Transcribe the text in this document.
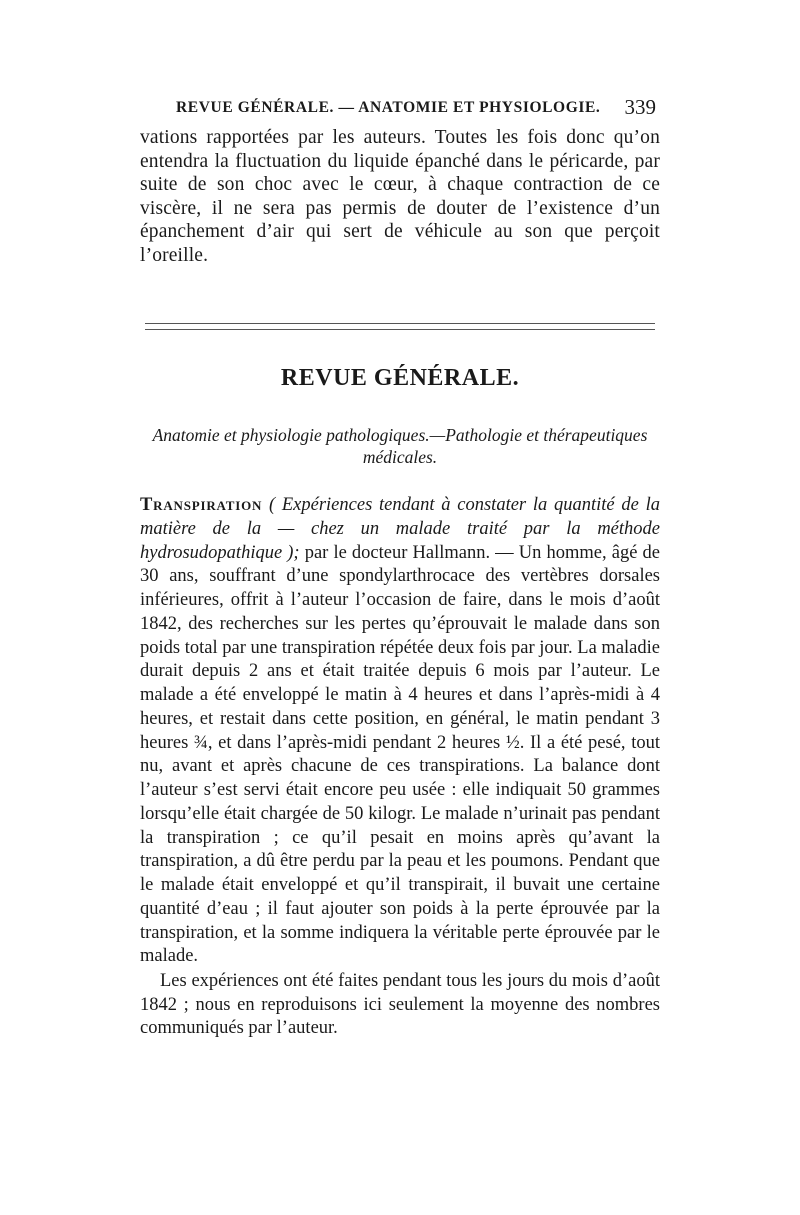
REVUE GÉNÉRALE. — ANATOMIE ET PHYSIOLOGIE. 339

vations rapportées par les auteurs. Toutes les fois donc qu’on entendra la fluctuation du liquide épanché dans le péricarde, par suite de son choc avec le cœur, à chaque contraction de ce viscère, il ne sera pas permis de douter de l’existence d’un épanchement d’air qui sert de véhicule au son que perçoit l’oreille.

REVUE GÉNÉRALE.
Anatomie et physiologie pathologiques.—Pathologie et thérapeutiques médicales.

Transpiration ( Expériences tendant à constater la quantité de la matière de la — chez un malade traité par la méthode hydrosudopathique ); par le docteur Hallmann. — Un homme, âgé de 30 ans, souffrant d’une spondylarthrocace des vertèbres dorsales inférieures, offrit à l’auteur l’occasion de faire, dans le mois d’août 1842, des recherches sur les pertes qu’éprouvait le malade dans son poids total par une transpiration répétée deux fois par jour. La maladie durait depuis 2 ans et était traitée depuis 6 mois par l’auteur. Le malade a été enveloppé le matin à 4 heures et dans l’après-midi à 4 heures, et restait dans cette position, en général, le matin pendant 3 heures ¾, et dans l’après-midi pendant 2 heures ½. Il a été pesé, tout nu, avant et après chacune de ces transpirations. La balance dont l’auteur s’est servi était encore peu usée : elle indiquait 50 grammes lorsqu’elle était chargée de 50 kilogr. Le malade n’urinait pas pendant la transpiration ; ce qu’il pesait en moins après qu’avant la transpiration, a dû être perdu par la peau et les poumons. Pendant que le malade était enveloppé et qu’il transpirait, il buvait une certaine quantité d’eau ; il faut ajouter son poids à la perte éprouvée par la transpiration, et la somme indiquera la véritable perte éprouvée par le malade.

Les expériences ont été faites pendant tous les jours du mois d’août 1842 ; nous en reproduisons ici seulement la moyenne des nombres communiqués par l’auteur.
